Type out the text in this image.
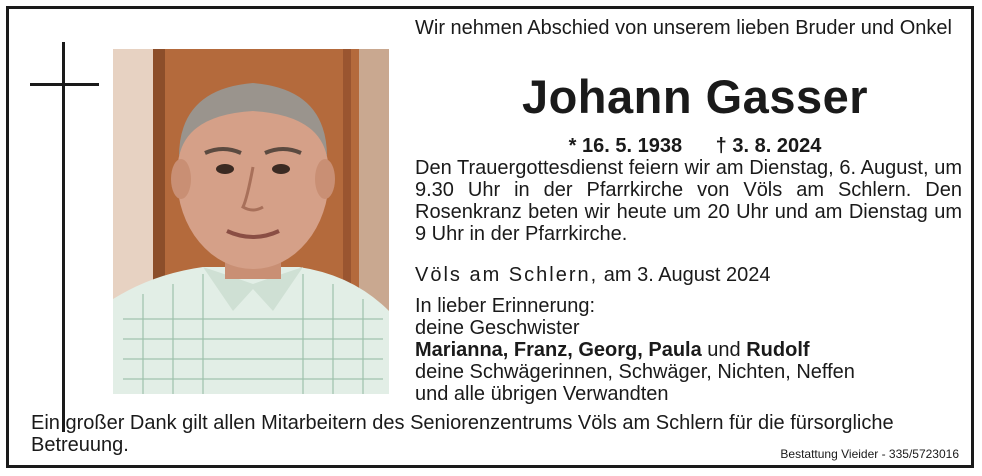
Wir nehmen Abschied von unserem lieben Bruder und Onkel
Johann Gasser
* 16. 5. 1938 † 3. 8. 2024
Den Trauergottesdienst feiern wir am Dienstag, 6. August, um 9.30 Uhr in der Pfarrkirche von Völs am Schlern. Den Rosenkranz beten wir heute um 20 Uhr und am Dienstag um 9 Uhr in der Pfarrkirche.
Völs am Schlern, am 3. August 2024
In lieber Erinnerung:
deine Geschwister
Marianna, Franz, Georg, Paula und Rudolf
deine Schwägerinnen, Schwäger, Nichten, Neffen
und alle übrigen Verwandten
Ein großer Dank gilt allen Mitarbeitern des Seniorenzentrums Völs am Schlern für die fürsorgliche Betreuung.	Bestattung Vieider - 335/5723016
